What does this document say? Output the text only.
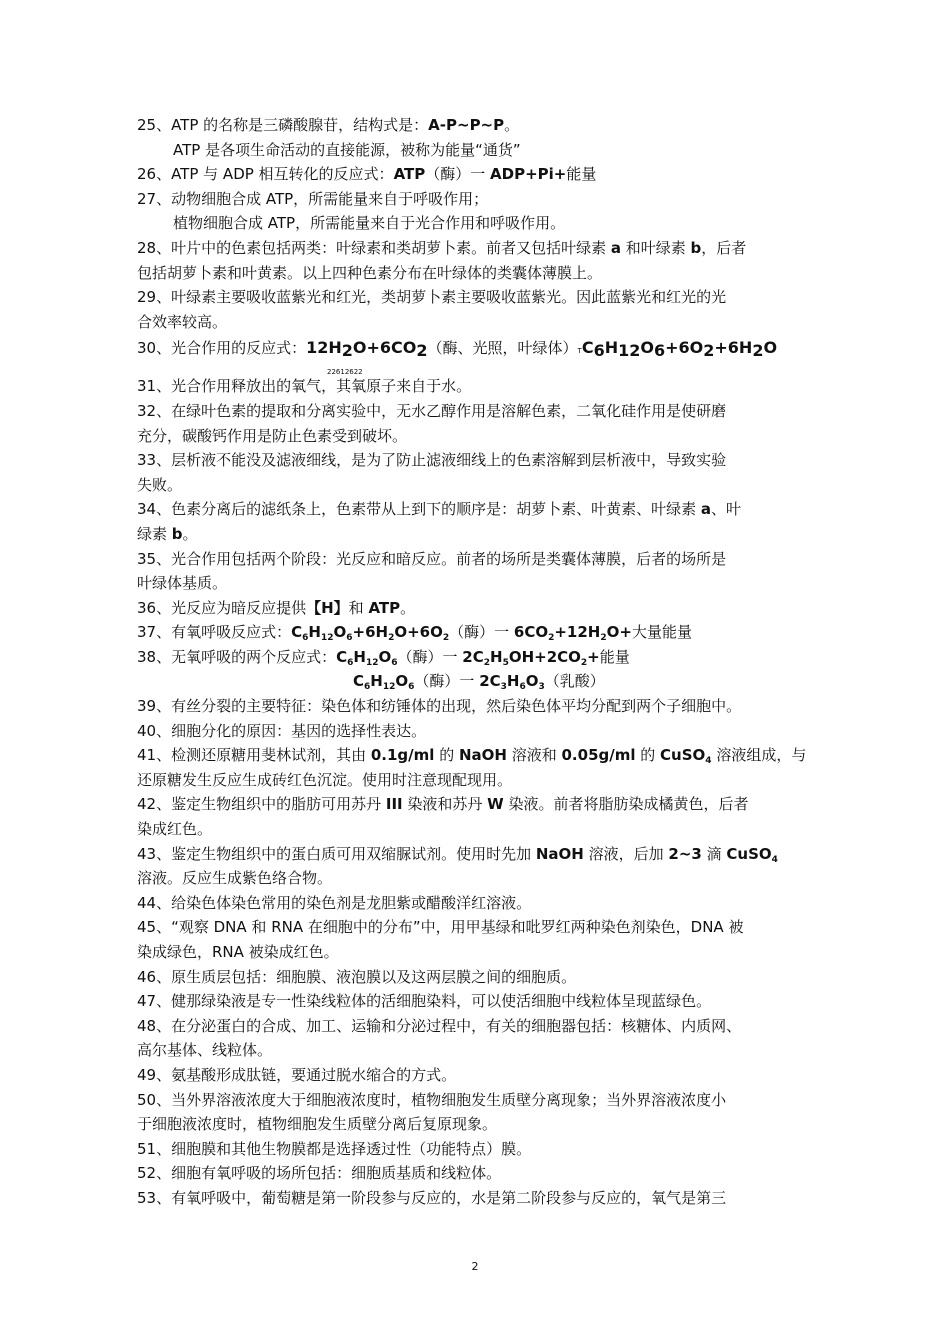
25、ATP 的名称是三磷酸腺苷，结构式是：A-P~P~P。
ATP 是各项生命活动的直接能源，被称为能量“通货”
26、ATP 与 ADP 相互转化的反应式：ATP（酶）一 ADP+Pi+能量
27、动物细胞合成 ATP，所需能量来自于呼吸作用；
植物细胞合成 ATP，所需能量来自于光合作用和呼吸作用。
28、叶片中的色素包括两类：叶绿素和类胡萝卜素。前者又包括叶绿素 a 和叶绿素 b，后者
包括胡萝卜素和叶黄素。以上四种色素分布在叶绿体的类囊体薄膜上。
29、叶绿素主要吸收蓝紫光和红光，类胡萝卜素主要吸收蓝紫光。因此蓝紫光和红光的光
合效率较高。
30、光合作用的反应式：$12H_2O+6CO_2$（酶、光照，叶绿体）$TC_6H_{12}O_6+6O_2+6H_2O$
22612622
31、光合作用释放出的氧气，其氧原子来自于水。
32、在绿叶色素的提取和分离实验中，无水乙醇作用是溶解色素，二氧化硅作用是使研磨
充分，碳酸钙作用是防止色素受到破坏。
33、层析液不能没及滤液细线，是为了防止滤液细线上的色素溶解到层析液中，导致实验
失败。
34、色素分离后的滤纸条上，色素带从上到下的顺序是：胡萝卜素、叶黄素、叶绿素 a、叶
绿素 b。
35、光合作用包括两个阶段：光反应和暗反应。前者的场所是类囊体薄膜，后者的场所是
叶绿体基质。
36、光反应为暗反应提供【H】和 ATP。
37、有氧呼吸反应式：$C_6H_{12}O_6+6H_2O+6O_2$（酶）一 $6CO_2+12H_2O+$大量能量
38、无氧呼吸的两个反应式：$C_6H_{12}O_6$（酶）一 $2C_2H_5OH+2CO_2+$能量
$C_6H_{12}O_6$（酶）一 $2C_3H_6O_3$（乳酸）
39、有丝分裂的主要特征：染色体和纺锤体的出现，然后染色体平均分配到两个子细胞中。
40、细胞分化的原因：基因的选择性表达。
41、检测还原糖用斐林试剂，其由 0.1g/ml 的 NaOH 溶液和 0.05g/ml 的 CuSO$_4$ 溶液组成，与
还原糖发生反应生成砖红色沉淀。使用时注意现配现用。
42、鉴定生物组织中的脂肪可用苏丹 III 染液和苏丹 W 染液。前者将脂肪染成橘黄色，后者
染成红色。
43、鉴定生物组织中的蛋白质可用双缩脲试剂。使用时先加 NaOH 溶液，后加 2~3 滴 CuSO$_4$
溶液。反应生成紫色络合物。
44、给染色体染色常用的染色剂是龙胆紫或醋酸洋红溶液。
45、“观察 DNA 和 RNA 在细胞中的分布”中，用甲基绿和吡罗红两种染色剂染色，DNA 被
染成绿色，RNA 被染成红色。
46、原生质层包括：细胞膜、液泡膜以及这两层膜之间的细胞质。
47、健那绿染液是专一性染线粒体的活细胞染料，可以使活细胞中线粒体呈现蓝绿色。
48、在分泌蛋白的合成、加工、运输和分泌过程中，有关的细胞器包括：核糖体、内质网、
高尔基体、线粒体。
49、氨基酸形成肽链，要通过脱水缩合的方式。
50、当外界溶液浓度大于细胞液浓度时，植物细胞发生质壁分离现象；当外界溶液浓度小
于细胞液浓度时，植物细胞发生质壁分离后复原现象。
51、细胞膜和其他生物膜都是选择透过性（功能特点）膜。
52、细胞有氧呼吸的场所包括：细胞质基质和线粒体。
53、有氧呼吸中，葡萄糖是第一阶段参与反应的，水是第二阶段参与反应的，氧气是第三
2
